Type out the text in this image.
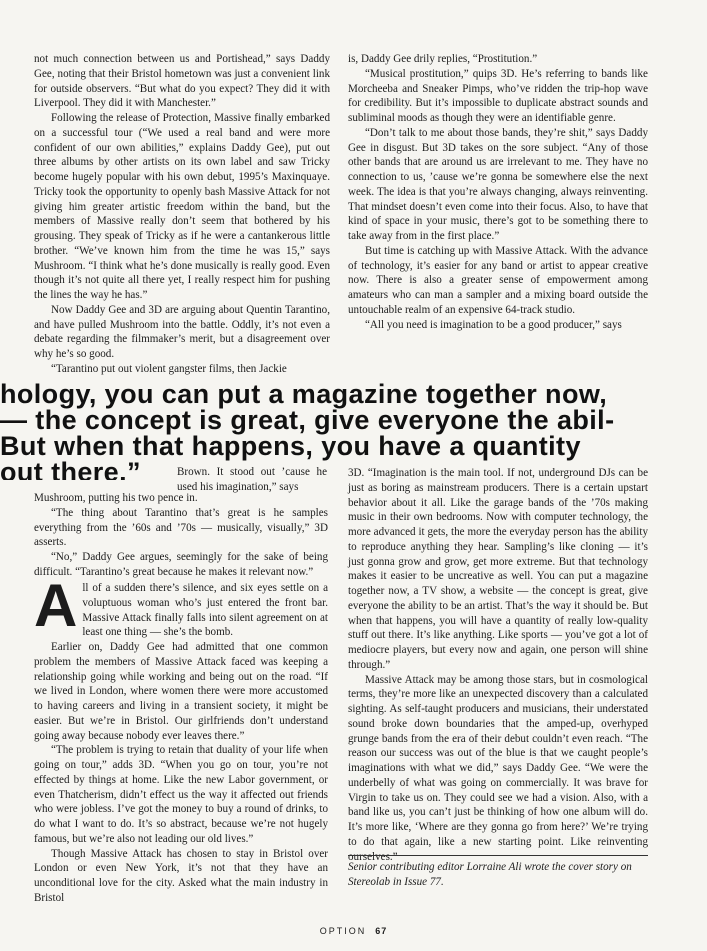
not much connection between us and Portishead,” says Daddy Gee, noting that their Bristol hometown was just a convenient link for outside observers. “But what do you expect? They did it with Liverpool. They did it with Manchester.”

Following the release of Protection, Massive finally embarked on a successful tour (“We used a real band and were more confident of our own abilities,” explains Daddy Gee), put out three albums by other artists on its own label and saw Tricky become hugely popular with his own debut, 1995’s Maxinquaye. Tricky took the opportunity to openly bash Massive Attack for not giving him greater artistic freedom within the band, but the members of Massive really don’t seem that bothered by his grousing. They speak of Tricky as if he were a cantankerous little brother. “We’ve known him from the time he was 15,” says Mushroom. “I think what he’s done musically is really good. Even though it’s not quite all there yet, I really respect him for pushing the lines the way he has.”

Now Daddy Gee and 3D are arguing about Quentin Tarantino, and have pulled Mushroom into the battle. Oddly, it’s not even a debate regarding the filmmaker’s merit, but a disagreement over why he’s so good.

“Tarantino put out violent gangster films, then Jackie

is, Daddy Gee drily replies, “Prostitution.”

“Musical prostitution,” quips 3D. He’s referring to bands like Morcheeba and Sneaker Pimps, who’ve ridden the trip-hop wave for credibility. But it’s impossible to duplicate abstract sounds and subliminal moods as though they were an identifiable genre.

“Don’t talk to me about those bands, they’re shit,” says Daddy Gee in disgust. But 3D takes on the sore subject. “Any of those other bands that are around us are irrelevant to me. They have no connection to us, ’cause we’re gonna be somewhere else the next week. The idea is that you’re always changing, always reinventing. That mindset doesn’t even come into their focus. Also, to have that kind of space in your music, there’s got to be something there to take away from in the first place.”

But time is catching up with Massive Attack. With the advance of technology, it’s easier for any band or artist to appear creative now. There is also a greater sense of empowerment among amateurs who can man a sampler and a mixing board outside the untouchable realm of an expensive 64-track studio.

“All you need is imagination to be a good producer,” says

hology, you can put a magazine together now,
— the concept is great, give everyone the abil-
But when that happens, you have a quantity
out there.”	Brown. It stood out ’cause he used his imagination,” says

Mushroom, putting his two pence in.

“The thing about Tarantino that’s great is he samples everything from the ’60s and ’70s — musically, visually,” 3D asserts.

“No,” Daddy Gee argues, seemingly for the sake of being difficult. “Tarantino’s great because he makes it relevant now.”

All of a sudden there’s silence, and six eyes settle on a voluptuous woman who’s just entered the front bar. Massive Attack finally falls into silent agreement on at least one thing — she’s the bomb.

Earlier on, Daddy Gee had admitted that one common problem the members of Massive Attack faced was keeping a relationship going while working and being out on the road. “If we lived in London, where women there were more accustomed to having careers and living in a transient society, it might be easier. But we’re in Bristol. Our girlfriends don’t understand going away because nobody ever leaves there.”

“The problem is trying to retain that duality of your life when going on tour,” adds 3D. “When you go on tour, you’re not effected by things at home. Like the new Labor government, or even Thatcherism, didn’t effect us the way it affected out friends who were jobless. I’ve got the money to buy a round of drinks, to do what I want to do. It’s so abstract, because we’re not hugely famous, but we’re also not leading our old lives.”

Though Massive Attack has chosen to stay in Bristol over London or even New York, it’s not that they have an unconditional love for the city. Asked what the main industry in Bristol

3D. “Imagination is the main tool. If not, underground DJs can be just as boring as mainstream producers. There is a certain upstart behavior about it all. Like the garage bands of the ’70s making music in their own bedrooms. Now with computer technology, the more advanced it gets, the more the everyday person has the ability to reproduce anything they hear. Sampling’s like cloning — it’s just gonna grow and grow, get more extreme. But that technology makes it easier to be uncreative as well. You can put a magazine together now, a TV show, a website — the concept is great, give everyone the ability to be an artist. That’s the way it should be. But when that happens, you will have a quantity of really low-quality stuff out there. It’s like anything. Like sports — you’ve got a lot of mediocre players, but every now and again, one person will shine through.”

Massive Attack may be among those stars, but in cosmological terms, they’re more like an unexpected discovery than a calculated sighting. As self-taught producers and musicians, their understated sound broke down boundaries that the amped-up, overhyped grunge bands from the era of their debut couldn’t even reach. “The reason our success was out of the blue is that we caught people’s imaginations with what we did,” says Daddy Gee. “We were the underbelly of what was going on commercially. It was brave for Virgin to take us on. They could see we had a vision. Also, with a band like us, you can’t just be thinking of how one album will do. It’s more like, ‘Where are they gonna go from here?’ We’re trying to do that again, like a new starting point. Like reinventing ourselves.”

Senior contributing editor Lorraine Ali wrote the cover story on Stereolab in Issue 77.
OPTION 67
